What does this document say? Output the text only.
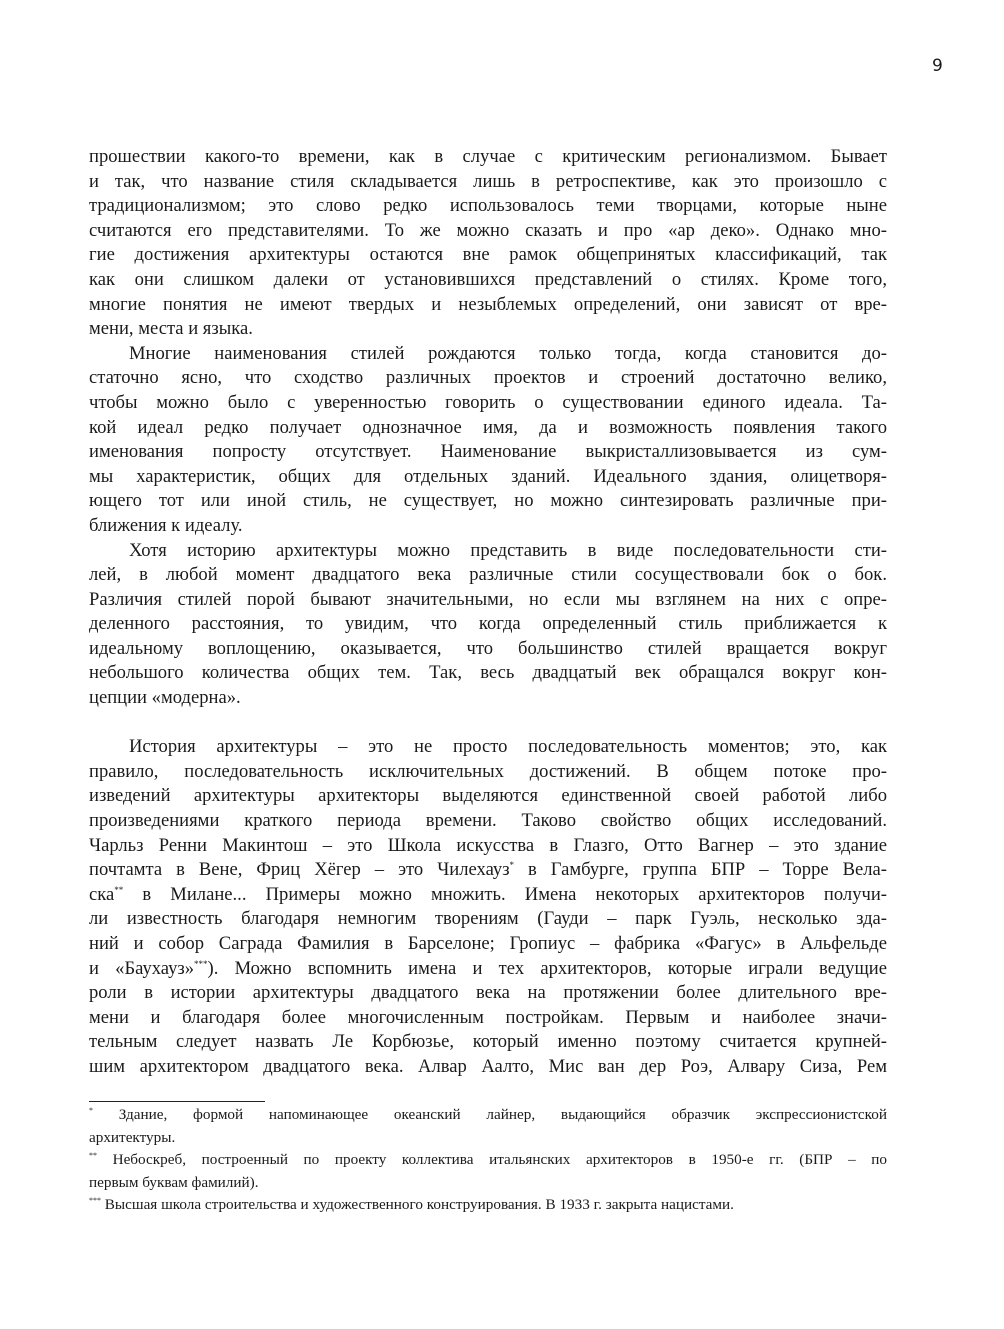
9
прошествии какого-то времени, как в случае с критическим регионализмом. Бывает
и так, что название стиля складывается лишь в ретроспективе, как это произошло с
традиционализмом; это слово редко использовалось теми творцами, которые ныне
считаются его представителями. То же можно сказать и про «ар деко». Однако мно-
гие достижения архитектуры остаются вне рамок общепринятых классификаций, так
как они слишком далеки от установившихся представлений о стилях. Кроме того,
многие понятия не имеют твердых и незыблемых определений, они зависят от вре-
мени, места и языка.
Многие наименования стилей рождаются только тогда, когда становится до-
статочно ясно, что сходство различных проектов и строений достаточно велико,
чтобы можно было с уверенностью говорить о существовании единого идеала. Та-
кой идеал редко получает однозначное имя, да и возможность появления такого
именования попросту отсутствует. Наименование выкристаллизовывается из сум-
мы характеристик, общих для отдельных зданий. Идеального здания, олицетворя-
ющего тот или иной стиль, не существует, но можно синтезировать различные при-
ближения к идеалу.
Хотя историю архитектуры можно представить в виде последовательности сти-
лей, в любой момент двадцатого века различные стили сосуществовали бок о бок.
Различия стилей порой бывают значительными, но если мы взглянем на них с опре-
деленного расстояния, то увидим, что когда определенный стиль приближается к
идеальному воплощению, оказывается, что большинство стилей вращается вокруг
небольшого количества общих тем. Так, весь двадцатый век обращался вокруг кон-
цепции «модерна».
История архитектуры – это не просто последовательность моментов; это, как
правило, последовательность исключительных достижений. В общем потоке про-
изведений архитектуры архитекторы выделяются единственной своей работой либо
произведениями краткого периода времени. Таково свойство общих исследований.
Чарльз Ренни Макинтош – это Школа искусства в Глазго, Отто Вагнер – это здание
почтамта в Вене, Фриц Хёгер – это Чилехауз* в Гамбурге, группа БПР – Торре Вела-
ска** в Милане... Примеры можно множить. Имена некоторых архитекторов получи-
ли известность благодаря немногим творениям (Гауди – парк Гуэль, несколько зда-
ний и собор Саграда Фамилия в Барселоне; Гропиус – фабрика «Фагус» в Альфельде
и «Баухауз»***). Можно вспомнить имена и тех архитекторов, которые играли ведущие
роли в истории архитектуры двадцатого века на протяжении более длительного вре-
мени и благодаря более многочисленным постройкам. Первым и наиболее значи-
тельным следует назвать Ле Корбюзье, который именно поэтому считается крупней-
шим архитектором двадцатого века. Алвар Аалто, Мис ван дер Роэ, Алвару Сиза, Рем
* Здание, формой напоминающее океанский лайнер, выдающийся образчик экспрессионистской
архитектуры.
** Небоскреб, построенный по проекту коллектива итальянских архитекторов в 1950-е гг. (БПР – по
первым буквам фамилий).
*** Высшая школа строительства и художественного конструирования. В 1933 г. закрыта нацистами.
